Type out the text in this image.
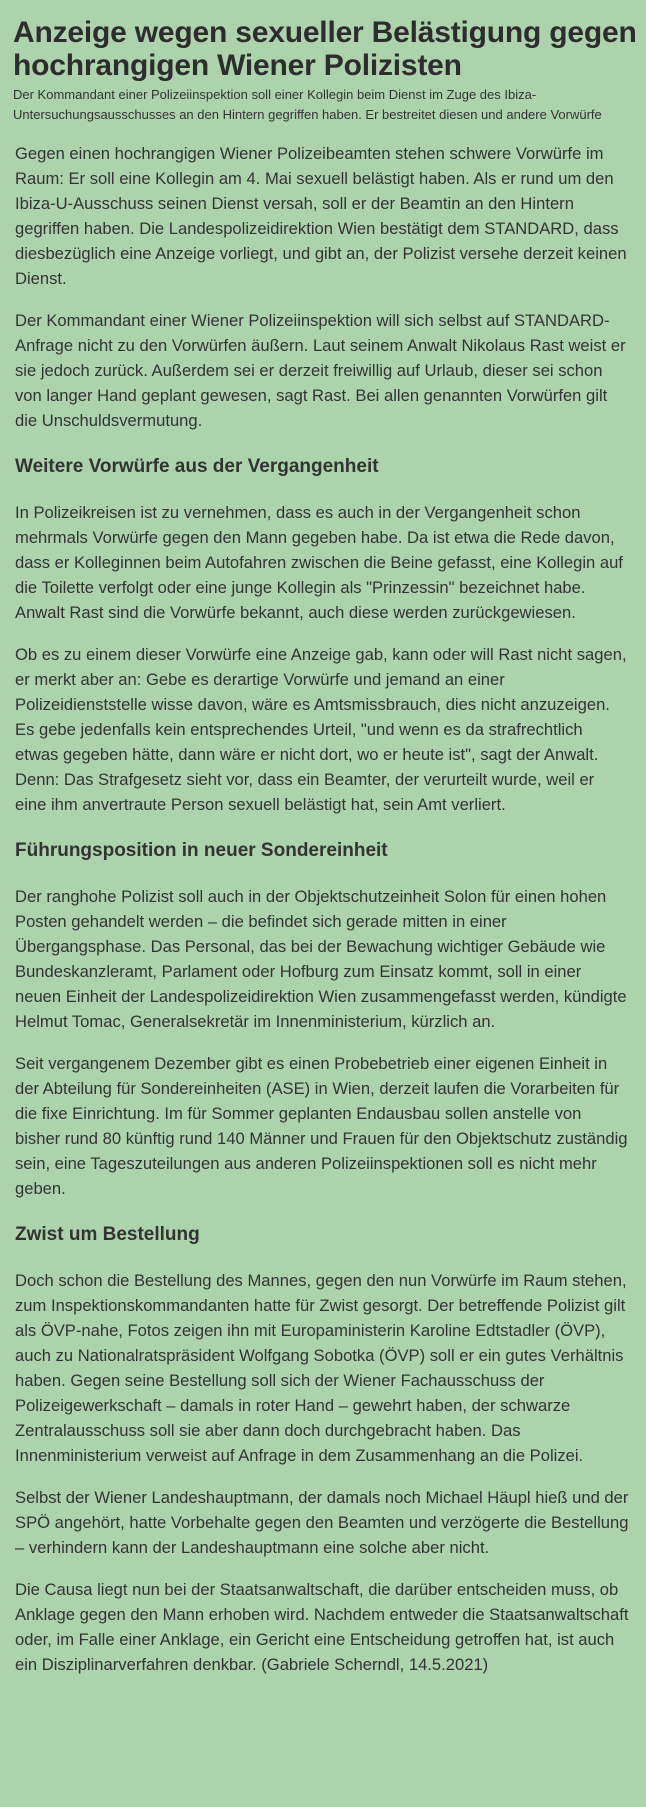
Anzeige wegen sexueller Belästigung gegen hochrangigen Wiener Polizisten

Der Kommandant einer Polizeiinspektion soll einer Kollegin beim Dienst im Zuge des Ibiza-Untersuchungsausschusses an den Hintern gegriffen haben. Er bestreitet diesen und andere Vorwürfe

Gegen einen hochrangigen Wiener Polizeibeamten stehen schwere Vorwürfe im Raum: Er soll eine Kollegin am 4. Mai sexuell belästigt haben. Als er rund um den Ibiza-U-Ausschuss seinen Dienst versah, soll er der Beamtin an den Hintern gegriffen haben. Die Landespolizeidirektion Wien bestätigt dem STANDARD, dass diesbezüglich eine Anzeige vorliegt, und gibt an, der Polizist versehe derzeit keinen Dienst.

Der Kommandant einer Wiener Polizeiinspektion will sich selbst auf STANDARD-Anfrage nicht zu den Vorwürfen äußern. Laut seinem Anwalt Nikolaus Rast weist er sie jedoch zurück. Außerdem sei er derzeit freiwillig auf Urlaub, dieser sei schon von langer Hand geplant gewesen, sagt Rast. Bei allen genannten Vorwürfen gilt die Unschuldsvermutung.

Weitere Vorwürfe aus der Vergangenheit

In Polizeikreisen ist zu vernehmen, dass es auch in der Vergangenheit schon mehrmals Vorwürfe gegen den Mann gegeben habe. Da ist etwa die Rede davon, dass er Kolleginnen beim Autofahren zwischen die Beine gefasst, eine Kollegin auf die Toilette verfolgt oder eine junge Kollegin als "Prinzessin" bezeichnet habe. Anwalt Rast sind die Vorwürfe bekannt, auch diese werden zurückgewiesen.

Ob es zu einem dieser Vorwürfe eine Anzeige gab, kann oder will Rast nicht sagen, er merkt aber an: Gebe es derartige Vorwürfe und jemand an einer Polizeidienststelle wisse davon, wäre es Amtsmissbrauch, dies nicht anzuzeigen. Es gebe jedenfalls kein entsprechendes Urteil, "und wenn es da strafrechtlich etwas gegeben hätte, dann wäre er nicht dort, wo er heute ist", sagt der Anwalt. Denn: Das Strafgesetz sieht vor, dass ein Beamter, der verurteilt wurde, weil er eine ihm anvertraute Person sexuell belästigt hat, sein Amt verliert.

Führungsposition in neuer Sondereinheit

Der ranghohe Polizist soll auch in der Objektschutzeinheit Solon für einen hohen Posten gehandelt werden – die befindet sich gerade mitten in einer Übergangsphase. Das Personal, das bei der Bewachung wichtiger Gebäude wie Bundeskanzleramt, Parlament oder Hofburg zum Einsatz kommt, soll in einer neuen Einheit der Landespolizeidirektion Wien zusammengefasst werden, kündigte Helmut Tomac, Generalsekretär im Innenministerium, kürzlich an.

Seit vergangenem Dezember gibt es einen Probebetrieb einer eigenen Einheit in der Abteilung für Sondereinheiten (ASE) in Wien, derzeit laufen die Vorarbeiten für die fixe Einrichtung. Im für Sommer geplanten Endausbau sollen anstelle von bisher rund 80 künftig rund 140 Männer und Frauen für den Objektschutz zuständig sein, eine Tageszuteilungen aus anderen Polizeiinspektionen soll es nicht mehr geben.

Zwist um Bestellung

Doch schon die Bestellung des Mannes, gegen den nun Vorwürfe im Raum stehen, zum Inspektionskommandanten hatte für Zwist gesorgt. Der betreffende Polizist gilt als ÖVP-nahe, Fotos zeigen ihn mit Europaministerin Karoline Edtstadler (ÖVP), auch zu Nationalratspräsident Wolfgang Sobotka (ÖVP) soll er ein gutes Verhältnis haben. Gegen seine Bestellung soll sich der Wiener Fachausschuss der Polizeigewerkschaft – damals in roter Hand – gewehrt haben, der schwarze Zentralausschuss soll sie aber dann doch durchgebracht haben. Das Innenministerium verweist auf Anfrage in dem Zusammenhang an die Polizei.

Selbst der Wiener Landeshauptmann, der damals noch Michael Häupl hieß und der SPÖ angehört, hatte Vorbehalte gegen den Beamten und verzögerte die Bestellung – verhindern kann der Landeshauptmann eine solche aber nicht.

Die Causa liegt nun bei der Staatsanwaltschaft, die darüber entscheiden muss, ob Anklage gegen den Mann erhoben wird. Nachdem entweder die Staatsanwaltschaft oder, im Falle einer Anklage, ein Gericht eine Entscheidung getroffen hat, ist auch ein Disziplinarverfahren denkbar. (Gabriele Scherndl, 14.5.2021)
